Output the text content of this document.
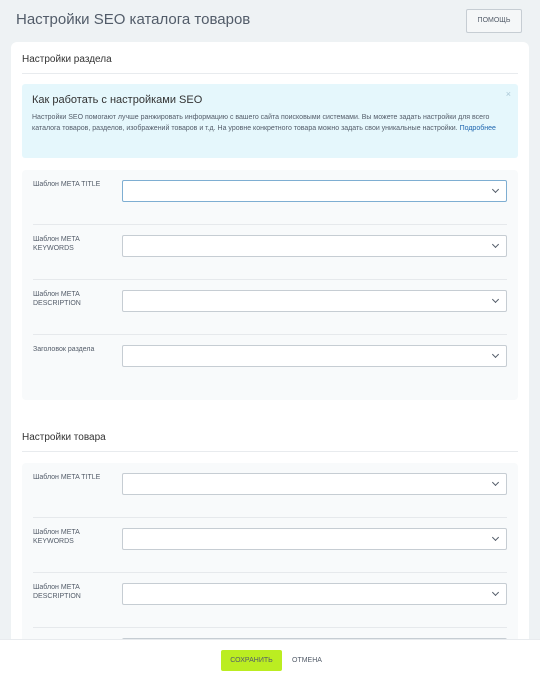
Настройки SEO каталога товаров	ПОМОЩЬ
Настройки раздела
Как работать с настройками SEO
Настройки SEO помогают лучше ранжировать информацию с вашего сайта поисковыми системами. Вы можете задать настройки для всего каталога товаров, разделов, изображений товаров и т.д. На уровне конкретного товара можно задать свои уникальные настройки. Подробнее
×
Шаблон META TITLE
Шаблон META KEYWORDS
Шаблон META DESCRIPTION
Заголовок раздела
Настройки товара
Шаблон META TITLE
Шаблон META KEYWORDS
Шаблон META DESCRIPTION
СОХРАНИТЬ	ОТМЕНА
